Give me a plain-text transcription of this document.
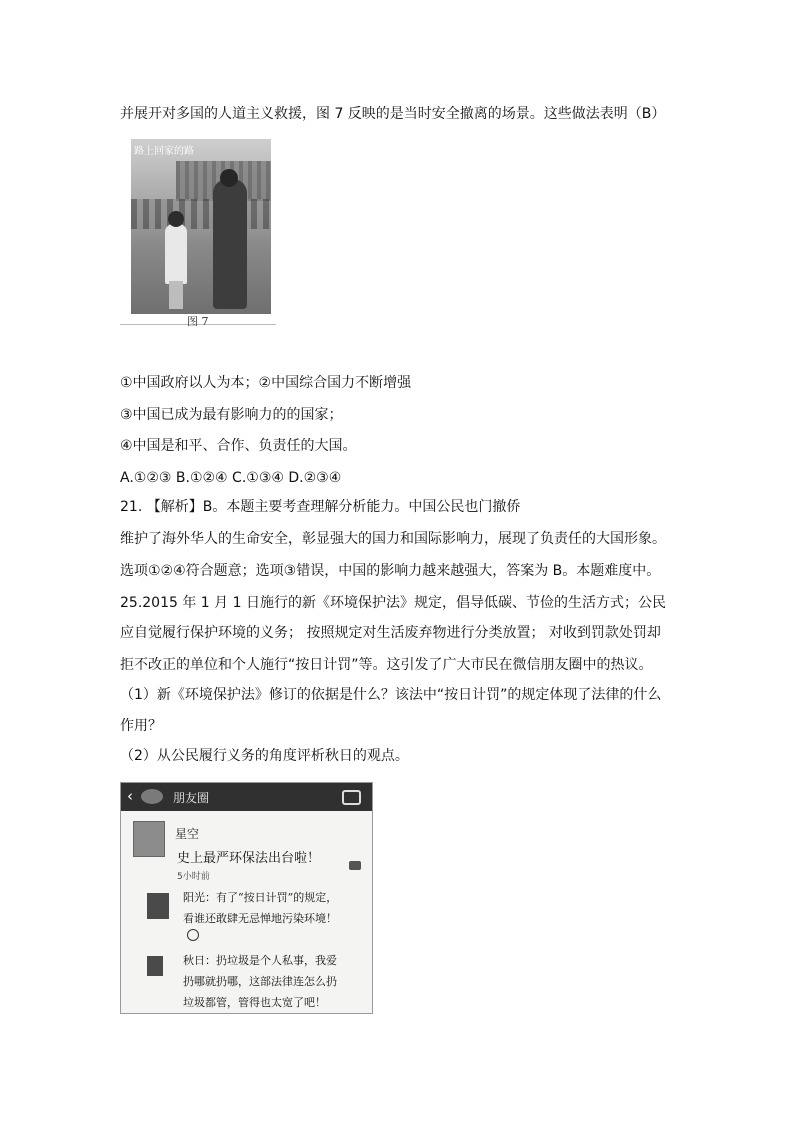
并展开对多国的人道主义救援，图 7 反映的是当时安全撤离的场景。这些做法表明（B）
路上回家的路
图 7
①中国政府以人为本；②中国综合国力不断增强
③中国已成为最有影响力的的国家；
④中国是和平、合作、负责任的大国。
A.①②③ B.①②④ C.①③④ D.②③④
21. 【解析】B。本题主要考查理解分析能力。中国公民也门撤侨
维护了海外华人的生命安全，彰显强大的国力和国际影响力，展现了负责任的大国形象。
选项①②④符合题意；选项③错误，中国的影响力越来越强大，答案为 B。本题难度中。
25.2015 年 1 月 1 日施行的新《环境保护法》规定，倡导低碳、节俭的生活方式；公民
应自觉履行保护环境的义务； 按照规定对生活废弃物进行分类放置； 对收到罚款处罚却
拒不改正的单位和个人施行“按日计罚”等。这引发了广大市民在微信朋友圈中的热议。
（1）新《环境保护法》修订的依据是什么？该法中“按日计罚”的规定体现了法律的什么
作用？
（2）从公民履行义务的角度评析秋日的观点。
‹	朋友圈
星空
史上最严环保法出台啦！
5小时前
阳光：有了“按日计罚”的规定，
看谁还敢肆无忌惮地污染环境！
秋日：扔垃圾是个人私事，我爱
扔哪就扔哪，这部法律连怎么扔
垃圾都管，管得也太宽了吧！
